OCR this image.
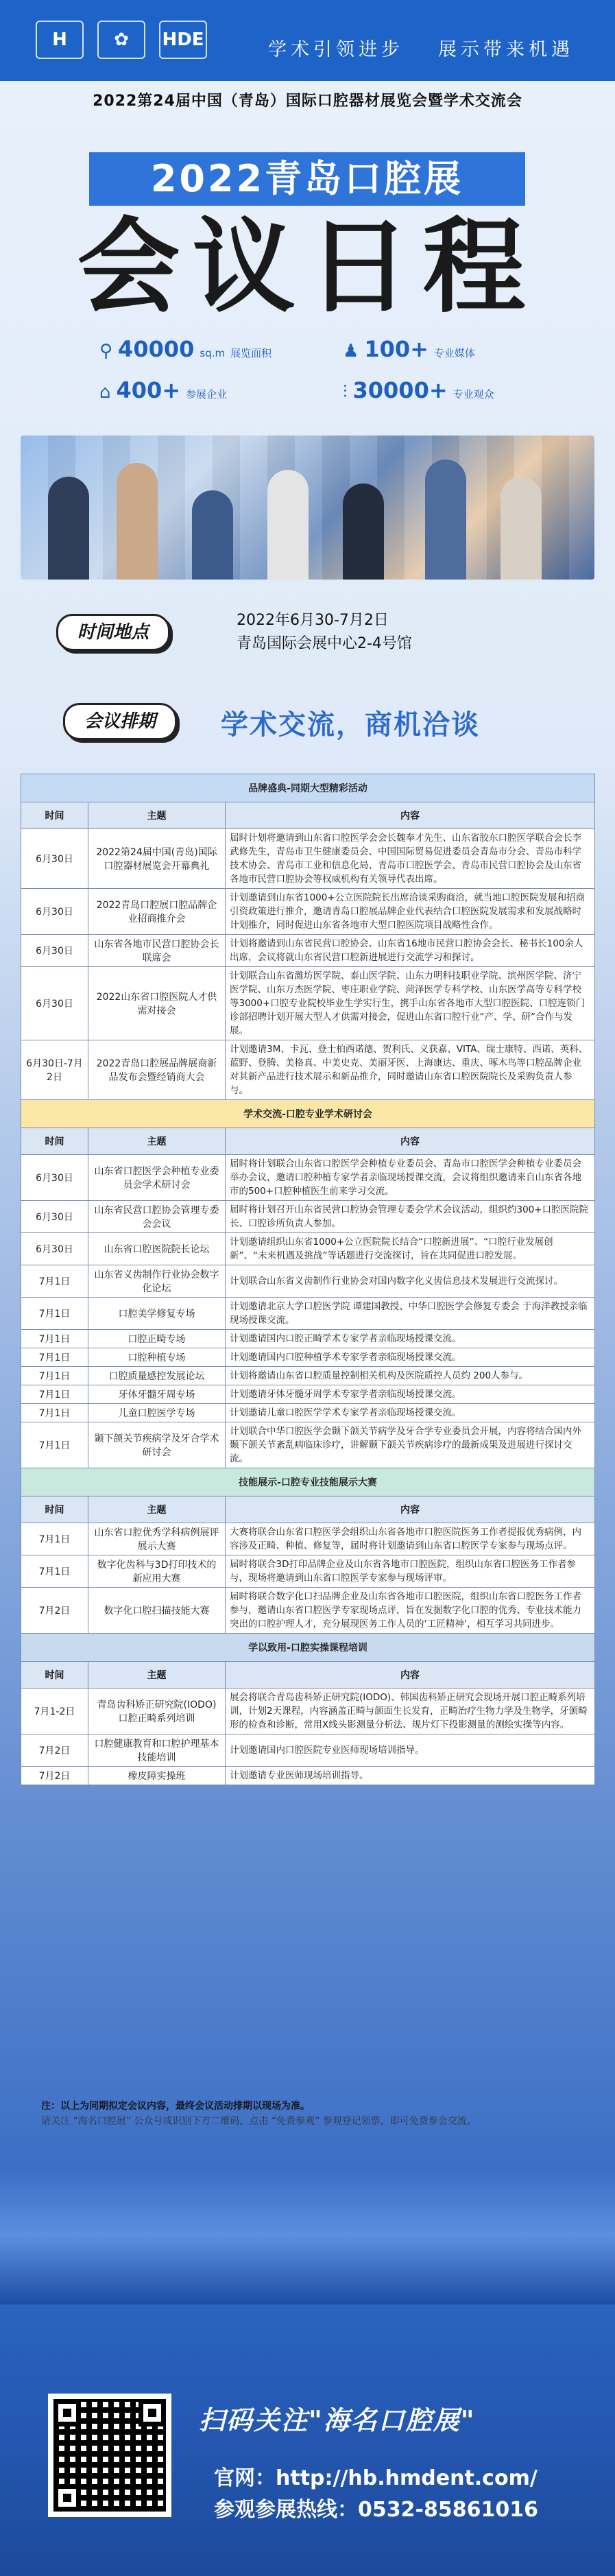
H	✿	HDE	学术引领进步 展示带来机遇
2022第24届中国（青岛）国际口腔器材展览会暨学术交流会
2022青岛口腔展
会议日程
⚲ 40000 sq.m 展览面积	♟ 100+ 专业媒体
⌂ 400+ 参展企业	⫶ 30000+ 专业观众
时间地点
2022年6月30-7月2日
青岛国际会展中心2-4号馆
会议排期	学术交流，商机洽谈
品牌盛典-同期大型精彩活动		
时间	主题	内容
6月30日	2022第24届中国(青岛)国际口腔器材展览会开幕典礼	届时计划将邀请到山东省口腔医学会会长魏奉才先生、山东省胶东口腔医学联合会长李武修先生，青岛市卫生健康委员会、中国国际贸易促进委员会青岛市分会、青岛市科学技术协会、青岛市工业和信息化局、青岛市口腔医学会、青岛市民营口腔协会及山东省各地市民营口腔协会等权威机构有关领导代表出席。
6月30日	2022青岛口腔展口腔品牌企业招商推介会	计划邀请到山东省1000+公立医院院长出席洽谈采购商洽，就当地口腔医院发展和招商引资政策进行推介，邀请青岛口腔展品牌企业代表结合口腔医院发展需求和发展战略时计划推介，同时促进山东省各地市大型口腔医院项目战略性合作。
6月30日	山东省各地市民营口腔协会长联席会	计划将邀请到山东省民营口腔协会、山东省16地市民营口腔协会会长、秘书长100余人出席，会议将就山东省民营口腔新进展进行交流学习和探讨。
6月30日	2022山东省口腔医院人才供需对接会	计划联合山东省潍坊医学院、泰山医学院、山东力明科技职业学院、滨州医学院、济宁医学院、山东万杰医学院、枣庄职业学院、菏泽医学专科学校、山东医学高等专科学校等3000+口腔专业院校毕业生学实行生，携手山东省各地市大型口腔医院、口腔连锁门诊部招聘计划开展大型人才供需对接会，促进山东省口腔行业“产、学、研”合作与发展。
6月30日-7月2日	2022青岛口腔展品牌展商新品发布会暨经销商大会	计划邀请3M、卡瓦、登士柏西诺德、贺利氏、义获嘉、VITA、瑞士康特、西诺、英科、蓝野、登腾、美格真、中美史克、美丽牙医、上海康达、重庆、啄木鸟等口腔品牌企业对其新产品进行技术展示和新品推介，同时邀请山东省口腔医院院长及采购负责人参与。
学术交流-口腔专业学术研讨会		
时间	主题	内容
6月30日	山东省口腔医学会种植专业委员会学术研讨会	届时将计划联合山东省口腔医学会种植专业委员会、青岛市口腔医学会种植专业委员会举办会议，邀请口腔种植专家学者亲临现场授课交流，会议将组织邀请来自山东省各地市的500+口腔种植医生前来学习交流。
6月30日	山东省民营口腔协会管理专委会会议	届时将计划召开山东省民营口腔协会管理专委会学术会议活动，组织约300+口腔医院院长、口腔诊所负责人参加。
6月30日	山东省口腔医院院长论坛	计划邀请组织山东省1000+公立医院院长结合“口腔新进展”、“口腔行业发展创新”、“未来机遇及挑战”等话题进行交流探讨，旨在共同促进口腔发展。
7月1日	山东省义齿制作行业协会数字化论坛	计划联合山东省义齿制作行业协会对国内数字化义齿信息技术发展进行交流探讨。
7月1日	口腔美学修复专场	计划邀请北京大学口腔医学院 谭建国教授、中华口腔医学会修复专委会 于海洋教授亲临现场授课交流。
7月1日	口腔正畸专场	计划邀请国内口腔正畸学术专家学者亲临现场授课交流。
7月1日	口腔种植专场	计划邀请国内口腔种植学术专家学者亲临现场授课交流。
7月1日	口腔质量感控发展论坛	计划将邀请山东省口腔质量控制相关机构及医院质控人员约 200人参与。
7月1日	牙体牙髓牙周专场	计划邀请牙体牙髓牙周学术专家学者亲临现场授课交流。
7月1日	儿童口腔医学专场	计划邀请儿童口腔医学学术专家学者亲临现场授课交流。
7月1日	颞下颌关节疾病学及牙合学术研讨会	计划联合中华口腔医学会颞下颌关节病学及牙合学专业委员会开展，内容将结合国内外颞下颌关节紊乱病临床诊疗，讲解颞下颌关节疾病诊疗的最新成果及进展进行探讨交流。
技能展示-口腔专业技能展示大赛		
时间	主题	内容
7月1日	山东省口腔优秀学科病例展评展示大赛	大赛将联合山东省口腔医学会组织山东省各地市口腔医院医务工作者提报优秀病例，内容涉及正畸、种植、修复等，届时将计划邀请到山东省口腔医学专家参与现场点评。
7月1日	数字化齿科与3D打印技术的新应用大赛	届时将联合3D打印品牌企业及山东省各地市口腔医院，组织山东省口腔医务工作者参与，现场将邀请到山东省口腔医学专家参与现场评审。
7月2日	数字化口腔扫描技能大赛	届时将联合数字化口扫品牌企业及山东省各地市口腔医院，组织山东省口腔医务工作者参与，邀请山东省口腔医学专家现场点评，旨在发掘数字化口腔的优秀、专业技术能力突出的口腔护理人才，充分展现医务工作人员的‘工匠精神’，相互学习共同进步。
学以致用-口腔实操课程培训		
时间	主题	内容
7月1-2日	青岛齿科矫正研究院(IODO)口腔正畸系列培训	展会将联合青岛齿科矫正研究院(IODO)、韩国齿科矫正研究会现场开展口腔正畸系列培训，计划2天课程，内容涵盖正畸与颌面生长发育，正畸治疗生物力学及生物学，牙颌畸形的检查和诊断，常用X线头影测量分析法、规片灯下投影测量的测绘实操等内容。
7月2日	口腔健康教育和口腔护理基本技能培训	计划邀请国内口腔医院专业医师现场培训指导。
7月2日	橡皮障实操班	计划邀请专业医师现场培训指导。
注：以上为同期拟定会议内容，最终会议活动排期以现场为准。
请关注 “海名口腔展” 公众号或识别下方二维码，点击 “免费参观” 参观登记领票，即可免费参会交流。
扫码关注"海名口腔展"
官网：http://hb.hmdent.com/
参观参展热线：0532-85861016
